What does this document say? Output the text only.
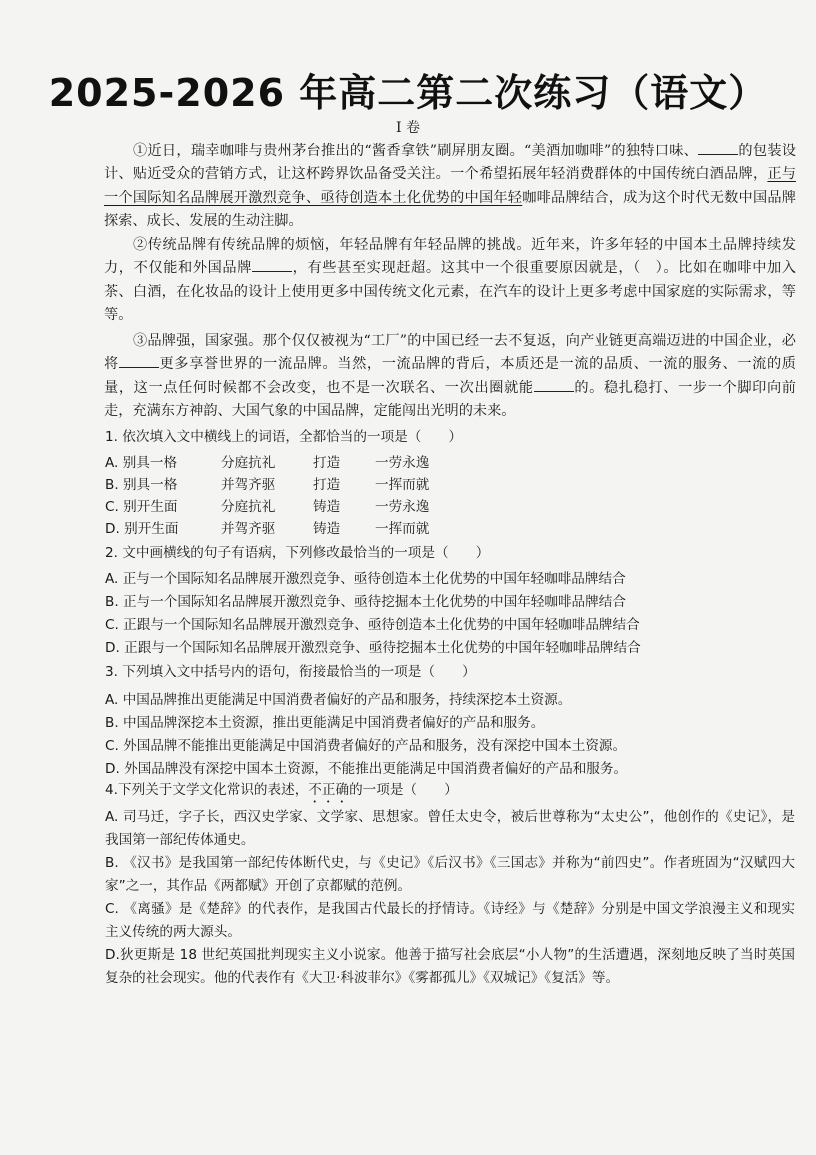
2025-2026 年高二第二次练习（语文）
I 卷
①近日，瑞幸咖啡与贵州茅台推出的“酱香拿铁”刷屏朋友圈。“美酒加咖啡”的独特口味、	的包装设计、贴近受众的营销方式，让这杯跨界饮品备受关注。一个希望拓展年轻消费群体的中国传统白酒品牌，正与一个国际知名品牌展开激烈竞争、亟待创造本土化优势的中国年轻咖啡品牌结合，成为这个时代无数中国品牌探索、成长、发展的生动注脚。
②传统品牌有传统品牌的烦恼，年轻品牌有年轻品牌的挑战。近年来，许多年轻的中国本土品牌持续发力，不仅能和外国品牌	，有些甚至实现赶超。这其中一个很重要原因就是，（　）。比如在咖啡中加入茶、白酒，在化妆品的设计上使用更多中国传统文化元素，在汽车的设计上更多考虑中国家庭的实际需求，等等。
③品牌强，国家强。那个仅仅被视为“工厂”的中国已经一去不复返，向产业链更高端迈进的中国企业，必将	更多享誉世界的一流品牌。当然，一流品牌的背后，本质还是一流的品质、一流的服务、一流的质量，这一点任何时候都不会改变，也不是一次联名、一次出圈就能	的。稳扎稳打、一步一个脚印向前走，充满东方神韵、大国气象的中国品牌，定能闯出光明的未来。
1. 依次填入文中横线上的词语，全都恰当的一项是（　　）
A. 别具一格	分庭抗礼	打造	一劳永逸
B. 别具一格	并驾齐驱	打造	一挥而就
C. 别开生面	分庭抗礼	铸造	一劳永逸
D. 别开生面	并驾齐驱	铸造	一挥而就
2. 文中画横线的句子有语病，下列修改最恰当的一项是（　　）
A. 正与一个国际知名品牌展开激烈竞争、亟待创造本土化优势的中国年轻咖啡品牌结合
B. 正与一个国际知名品牌展开激烈竞争、亟待挖掘本土化优势的中国年轻咖啡品牌结合
C. 正跟与一个国际知名品牌展开激烈竞争、亟待创造本土化优势的中国年轻咖啡品牌结合
D. 正跟与一个国际知名品牌展开激烈竞争、亟待挖掘本土化优势的中国年轻咖啡品牌结合
3. 下列填入文中括号内的语句，衔接最恰当的一项是（　　）
A. 中国品牌推出更能满足中国消费者偏好的产品和服务，持续深挖本土资源。
B. 中国品牌深挖本土资源，推出更能满足中国消费者偏好的产品和服务。
C. 外国品牌不能推出更能满足中国消费者偏好的产品和服务，没有深挖中国本土资源。
D. 外国品牌没有深挖中国本土资源，不能推出更能满足中国消费者偏好的产品和服务。
4.下列关于文学文化常识的表述，不正确的一项是（　　）
A. 司马迁，字子长，西汉史学家、文学家、思想家。曾任太史令，被后世尊称为“太史公”，他创作的《史记》，是我国第一部纪传体通史。
B. 《汉书》是我国第一部纪传体断代史，与《史记》《后汉书》《三国志》并称为“前四史”。作者班固为“汉赋四大家”之一，其作品《两都赋》开创了京都赋的范例。
C. 《离骚》是《楚辞》的代表作，是我国古代最长的抒情诗。《诗经》与《楚辞》分别是中国文学浪漫主义和现实主义传统的两大源头。
D.狄更斯是 18 世纪英国批判现实主义小说家。他善于描写社会底层“小人物”的生活遭遇，深刻地反映了当时英国复杂的社会现实。他的代表作有《大卫·科波菲尔》《雾都孤儿》《双城记》《复活》等。
